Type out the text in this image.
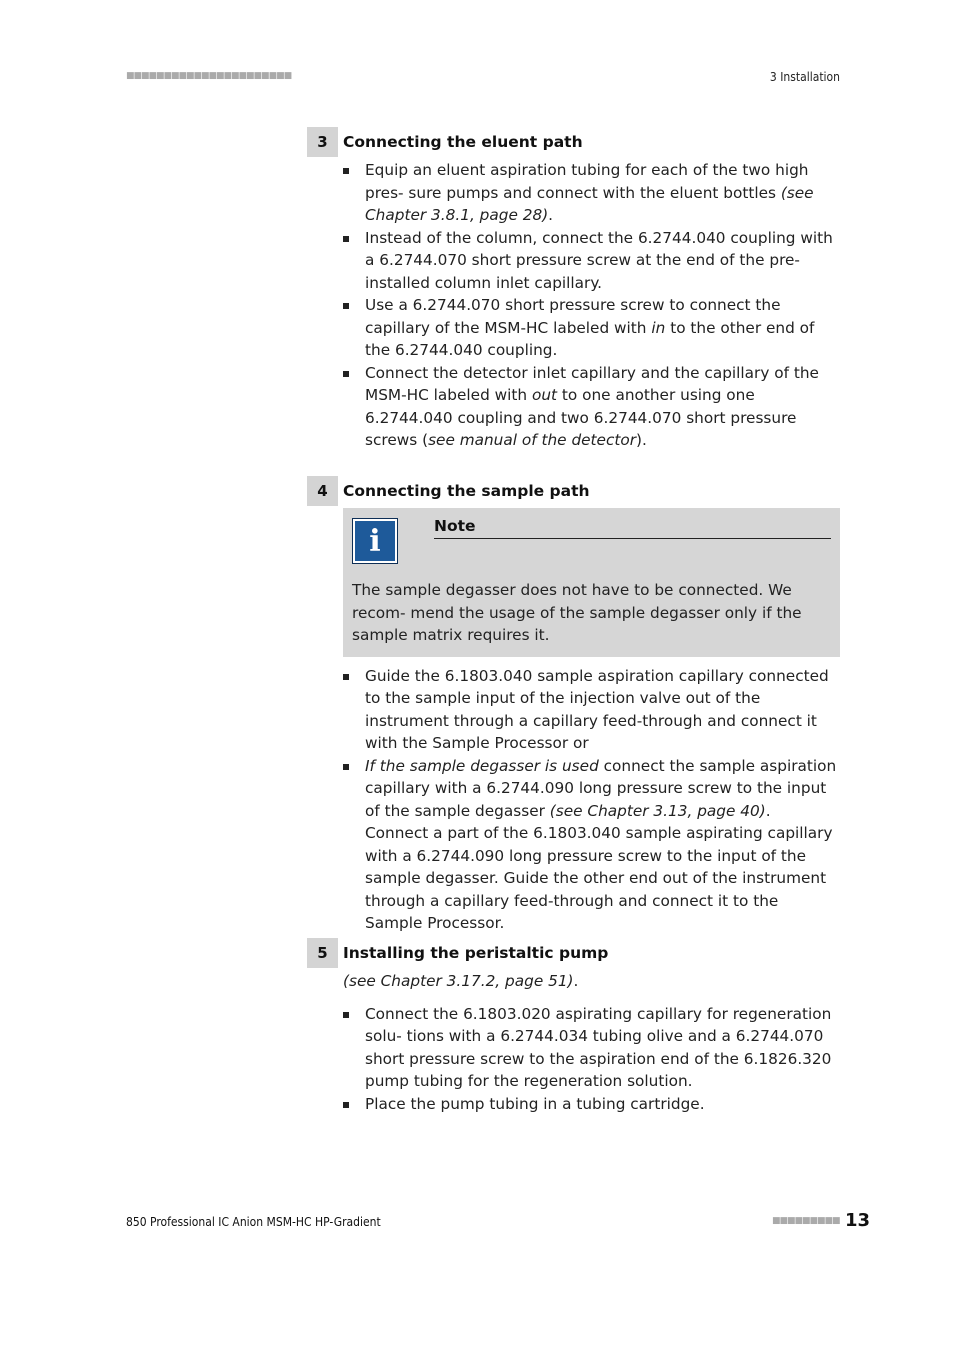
■■■■■■■■■■■■■■■■■■■■■■	3 Installation
3 Connecting the eluent path
Equip an eluent aspiration tubing for each of the two high pres- sure pumps and connect with the eluent bottles (see Chapter 3.8.1, page 28).
Instead of the column, connect the 6.2744.040 coupling with a 6.2744.070 short pressure screw at the end of the pre-installed column inlet capillary.
Use a 6.2744.070 short pressure screw to connect the capillary of the MSM-HC labeled with in to the other end of the 6.2744.040 coupling.
Connect the detector inlet capillary and the capillary of the MSM-HC labeled with out to one another using one 6.2744.040 coupling and two 6.2744.070 short pressure screws (see manual of the detector).
4 Connecting the sample path
i	Note
The sample degasser does not have to be connected. We recom- mend the usage of the sample degasser only if the sample matrix requires it.
Guide the 6.1803.040 sample aspiration capillary connected to the sample input of the injection valve out of the instrument through a capillary feed-through and connect it with the Sample Processor or
If the sample degasser is used connect the sample aspiration capillary with a 6.2744.090 long pressure screw to the input of the sample degasser (see Chapter 3.13, page 40).
Connect a part of the 6.1803.040 sample aspirating capillary with a 6.2744.090 long pressure screw to the input of the sample degasser. Guide the other end out of the instrument through a capillary feed-through and connect it to the Sample Processor.
5 Installing the peristaltic pump
(see Chapter 3.17.2, page 51).
Connect the 6.1803.020 aspirating capillary for regeneration solu- tions with a 6.2744.034 tubing olive and a 6.2744.070 short pressure screw to the aspiration end of the 6.1826.320 pump tubing for the regeneration solution.
Place the pump tubing in a tubing cartridge.
850 Professional IC Anion MSM-HC HP-Gradient	■■■■■■■■■ 13
